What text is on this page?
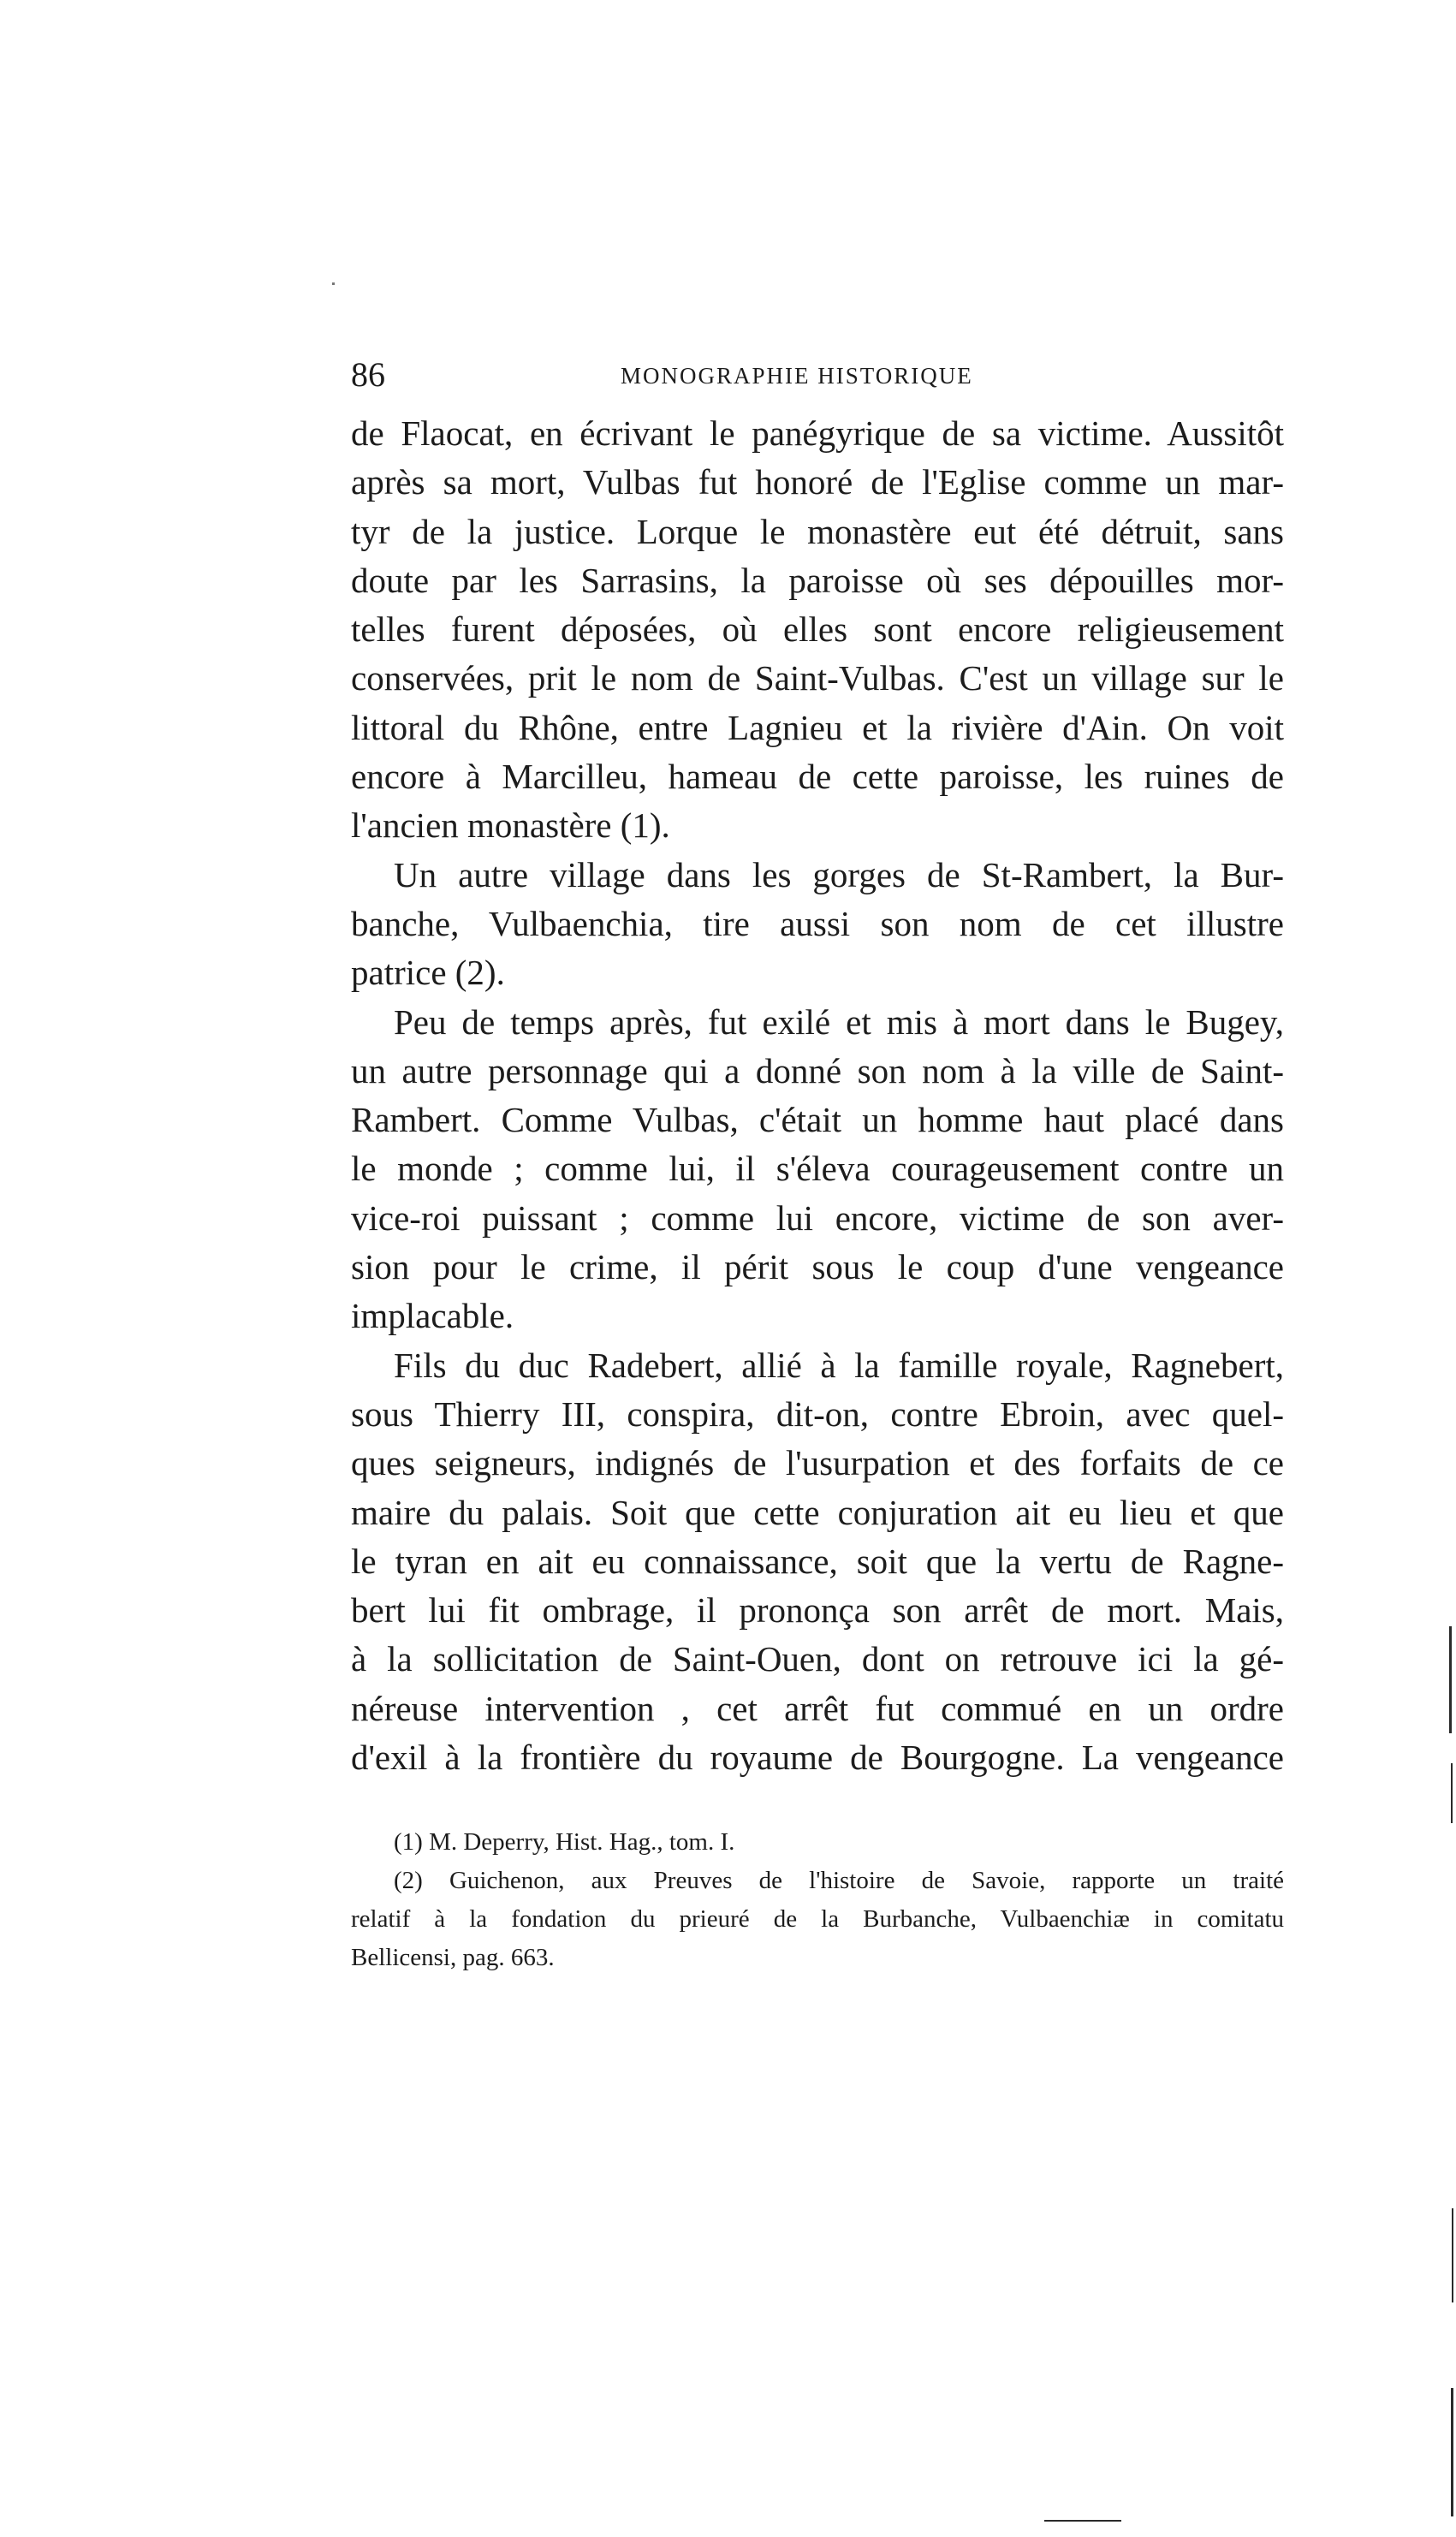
86	MONOGRAPHIE HISTORIQUE

de Flaocat, en écrivant le panégyrique de sa victime. Aussitôt
après sa mort, Vulbas fut honoré de l'Eglise comme un mar-
tyr de la justice. Lorque le monastère eut été détruit, sans
doute par les Sarrasins, la paroisse où ses dépouilles mor-
telles furent déposées, où elles sont encore religieusement
conservées, prit le nom de Saint-Vulbas. C'est un village sur le
littoral du Rhône, entre Lagnieu et la rivière d'Ain. On voit
encore à Marcilleu, hameau de cette paroisse, les ruines de
l'ancien monastère (1).

Un autre village dans les gorges de St-Rambert, la Bur-
banche, Vulbaenchia, tire aussi son nom de cet illustre
patrice (2).

Peu de temps après, fut exilé et mis à mort dans le Bugey,
un autre personnage qui a donné son nom à la ville de Saint-
Rambert. Comme Vulbas, c'était un homme haut placé dans
le monde ; comme lui, il s'éleva courageusement contre un
vice-roi puissant ; comme lui encore, victime de son aver-
sion pour le crime, il périt sous le coup d'une vengeance
implacable.

Fils du duc Radebert, allié à la famille royale, Ragnebert,
sous Thierry III, conspira, dit-on, contre Ebroin, avec quel-
ques seigneurs, indignés de l'usurpation et des forfaits de ce
maire du palais. Soit que cette conjuration ait eu lieu et que
le tyran en ait eu connaissance, soit que la vertu de Ragne-
bert lui fit ombrage, il prononça son arrêt de mort. Mais,
à la sollicitation de Saint-Ouen, dont on retrouve ici la gé-
néreuse intervention , cet arrêt fut commué en un ordre
d'exil à la frontière du royaume de Bourgogne. La vengeance

(1) M. Deperry, Hist. Hag., tom. I.
(2) Guichenon, aux Preuves de l'histoire de Savoie, rapporte un traité
relatif à la fondation du prieuré de la Burbanche, Vulbaenchiæ in comitatu
Bellicensi, pag. 663.
